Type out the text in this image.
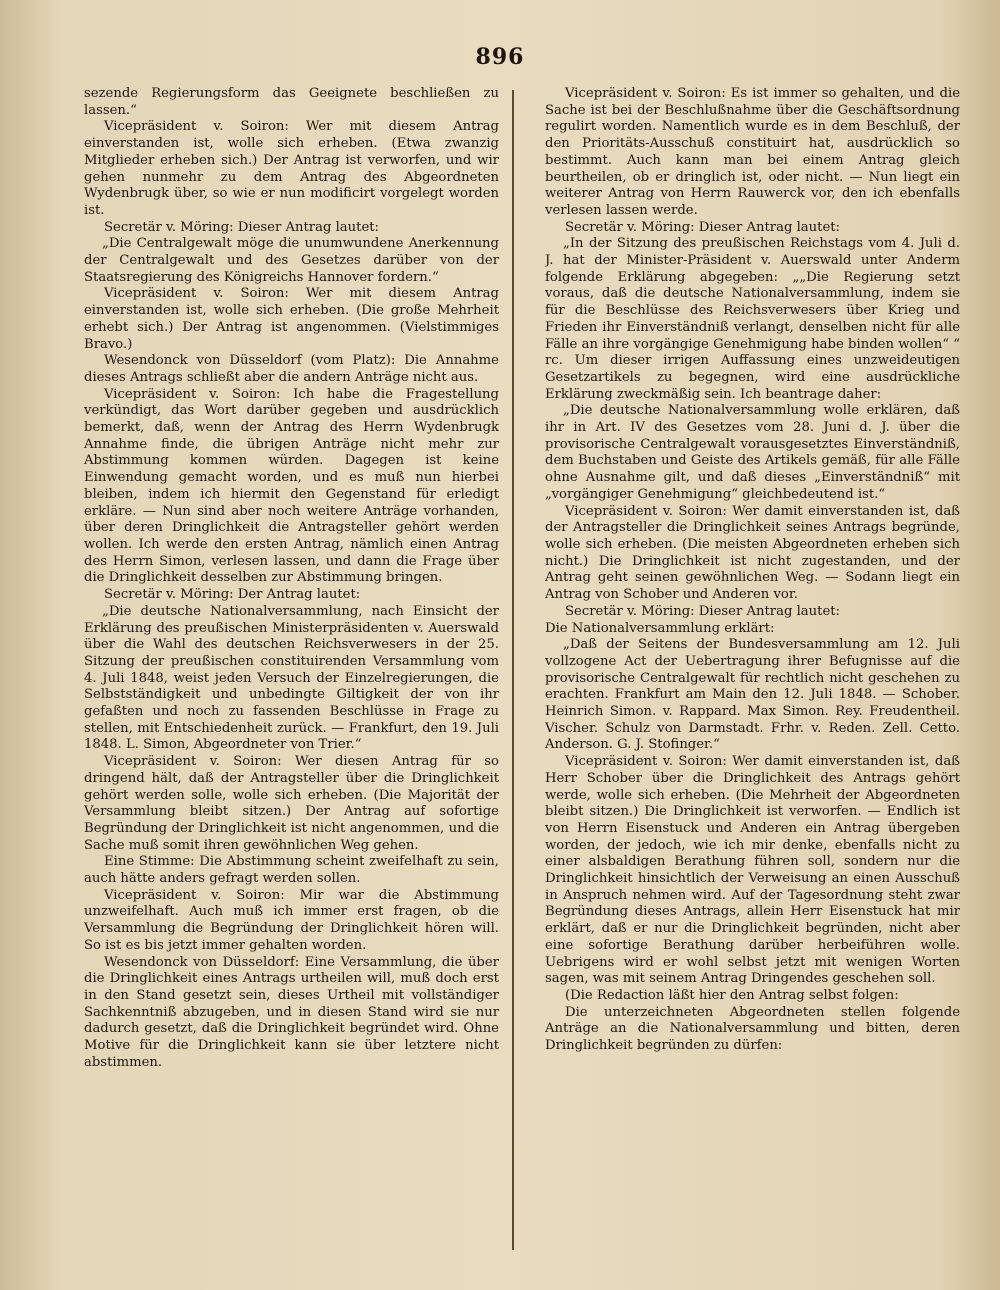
896

sezende Regierungsform das Geeignete beschließen zu lassen.“

Vicepräsident v. Soiron: Wer mit diesem Antrag einverstanden ist, wolle sich erheben. (Etwa zwanzig Mitglieder erheben sich.) Der Antrag ist verworfen, und wir gehen nunmehr zu dem Antrag des Abgeordneten Wydenbrugk über, so wie er nun modificirt vorgelegt worden ist.

Secretär v. Möring: Dieser Antrag lautet:

„Die Centralgewalt möge die unumwundene Anerkennung der Centralgewalt und des Gesetzes darüber von der Staatsregierung des Königreichs Hannover fordern.“

Vicepräsident v. Soiron: Wer mit diesem Antrag einverstanden ist, wolle sich erheben. (Die große Mehrheit erhebt sich.) Der Antrag ist angenommen. (Vielstimmiges Bravo.)

Wesendonck von Düsseldorf (vom Platz): Die Annahme dieses Antrags schließt aber die andern Anträge nicht aus.

Vicepräsident v. Soiron: Ich habe die Fragestellung verkündigt, das Wort darüber gegeben und ausdrücklich bemerkt, daß, wenn der Antrag des Herrn Wydenbrugk Annahme finde, die übrigen Anträge nicht mehr zur Abstimmung kommen würden. Dagegen ist keine Einwendung gemacht worden, und es muß nun hierbei bleiben, indem ich hiermit den Gegenstand für erledigt erkläre. — Nun sind aber noch weitere Anträge vorhanden, über deren Dringlichkeit die Antragsteller gehört werden wollen. Ich werde den ersten Antrag, nämlich einen Antrag des Herrn Simon, verlesen lassen, und dann die Frage über die Dringlichkeit desselben zur Abstimmung bringen.

Secretär v. Möring: Der Antrag lautet:

„Die deutsche Nationalversammlung, nach Einsicht der Erklärung des preußischen Ministerpräsidenten v. Auerswald über die Wahl des deutschen Reichsverwesers in der 25. Sitzung der preußischen constituirenden Versammlung vom 4. Juli 1848, weist jeden Versuch der Einzelregierungen, die Selbstständigkeit und unbedingte Giltigkeit der von ihr gefaßten und noch zu fassenden Beschlüsse in Frage zu stellen, mit Entschiedenheit zurück. — Frankfurt, den 19. Juli 1848. L. Simon, Abgeordneter von Trier.“

Vicepräsident v. Soiron: Wer diesen Antrag für so dringend hält, daß der Antragsteller über die Dringlichkeit gehört werden solle, wolle sich erheben. (Die Majorität der Versammlung bleibt sitzen.) Der Antrag auf sofortige Begründung der Dringlichkeit ist nicht angenommen, und die Sache muß somit ihren gewöhnlichen Weg gehen.

Eine Stimme: Die Abstimmung scheint zweifelhaft zu sein, auch hätte anders gefragt werden sollen.

Vicepräsident v. Soiron: Mir war die Abstimmung unzweifelhaft. Auch muß ich immer erst fragen, ob die Versammlung die Begründung der Dringlichkeit hören will. So ist es bis jetzt immer gehalten worden.

Wesendonck von Düsseldorf: Eine Versammlung, die über die Dringlichkeit eines Antrags urtheilen will, muß doch erst in den Stand gesetzt sein, dieses Urtheil mit vollständiger Sachkenntniß abzugeben, und in diesen Stand wird sie nur dadurch gesetzt, daß die Dringlichkeit begründet wird. Ohne Motive für die Dringlichkeit kann sie über letztere nicht abstimmen.

Vicepräsident v. Soiron: Es ist immer so gehalten, und die Sache ist bei der Beschlußnahme über die Geschäftsordnung regulirt worden. Namentlich wurde es in dem Beschluß, der den Prioritäts-Ausschuß constituirt hat, ausdrücklich so bestimmt. Auch kann man bei einem Antrag gleich beurtheilen, ob er dringlich ist, oder nicht. — Nun liegt ein weiterer Antrag von Herrn Rauwerck vor, den ich ebenfalls verlesen lassen werde.

Secretär v. Möring: Dieser Antrag lautet:

„In der Sitzung des preußischen Reichstags vom 4. Juli d. J. hat der Minister-Präsident v. Auerswald unter Anderm folgende Erklärung abgegeben: „„Die Regierung setzt voraus, daß die deutsche Nationalversammlung, indem sie für die Beschlüsse des Reichsverwesers über Krieg und Frieden ihr Einverständniß verlangt, denselben nicht für alle Fälle an ihre vorgängige Genehmigung habe binden wollen“ “ rc. Um dieser irrigen Auffassung eines unzweideutigen Gesetzartikels zu begegnen, wird eine ausdrückliche Erklärung zweckmäßig sein. Ich beantrage daher:

„Die deutsche Nationalversammlung wolle erklären, daß ihr in Art. IV des Gesetzes vom 28. Juni d. J. über die provisorische Centralgewalt vorausgesetztes Einverständniß, dem Buchstaben und Geiste des Artikels gemäß, für alle Fälle ohne Ausnahme gilt, und daß dieses „Einverständniß“ mit „vorgängiger Genehmigung“ gleichbedeutend ist.“

Vicepräsident v. Soiron: Wer damit einverstanden ist, daß der Antragsteller die Dringlichkeit seines Antrags begründe, wolle sich erheben. (Die meisten Abgeordneten erheben sich nicht.) Die Dringlichkeit ist nicht zugestanden, und der Antrag geht seinen gewöhnlichen Weg. — Sodann liegt ein Antrag von Schober und Anderen vor.

Secretär v. Möring: Dieser Antrag lautet:

Die Nationalversammlung erklärt:

„Daß der Seitens der Bundesversammlung am 12. Juli vollzogene Act der Uebertragung ihrer Befugnisse auf die provisorische Centralgewalt für rechtlich nicht geschehen zu erachten. Frankfurt am Main den 12. Juli 1848. — Schober. Heinrich Simon. v. Rappard. Max Simon. Rey. Freudentheil. Vischer. Schulz von Darmstadt. Frhr. v. Reden. Zell. Cetto. Anderson. G. J. Stofinger.“

Vicepräsident v. Soiron: Wer damit einverstanden ist, daß Herr Schober über die Dringlichkeit des Antrags gehört werde, wolle sich erheben. (Die Mehrheit der Abgeordneten bleibt sitzen.) Die Dringlichkeit ist verworfen. — Endlich ist von Herrn Eisenstuck und Anderen ein Antrag übergeben worden, der jedoch, wie ich mir denke, ebenfalls nicht zu einer alsbaldigen Berathung führen soll, sondern nur die Dringlichkeit hinsichtlich der Verweisung an einen Ausschuß in Anspruch nehmen wird. Auf der Tagesordnung steht zwar Begründung dieses Antrags, allein Herr Eisenstuck hat mir erklärt, daß er nur die Dringlichkeit begründen, nicht aber eine sofortige Berathung darüber herbeiführen wolle. Uebrigens wird er wohl selbst jetzt mit wenigen Worten sagen, was mit seinem Antrag Dringendes geschehen soll.

(Die Redaction läßt hier den Antrag selbst folgen:

Die unterzeichneten Abgeordneten stellen folgende Anträge an die Nationalversammlung und bitten, deren Dringlichkeit begründen zu dürfen:
